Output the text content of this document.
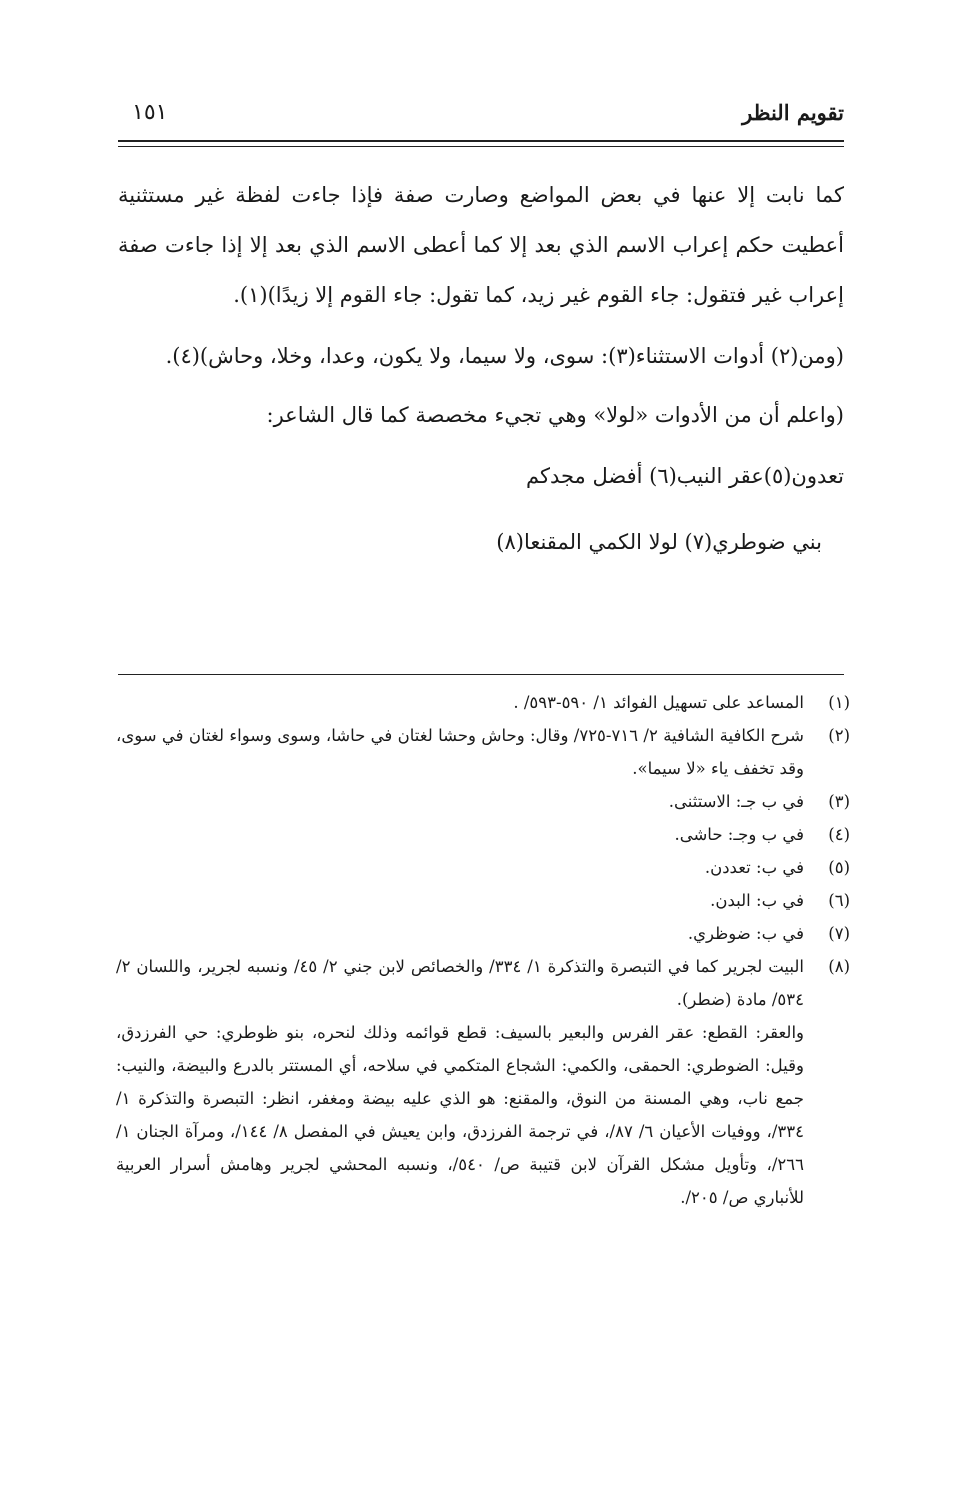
تقويم النظر
١٥١

كما نابت إلا عنها في بعض المواضع وصارت صفة فإذا جاءت لفظة غير مستثنية أعطيت حكم إعراب الاسم الذي بعد إلا كما أعطى الاسم الذي بعد إلا إذا جاءت صفة إعراب غير فتقول: جاء القوم غير زيد، كما تقول: جاء القوم إلا زيدًا)(١).

(ومن(٢) أدوات الاستثناء(٣): سوى، ولا سيما، ولا يكون، وعدا، وخلا، وحاش)(٤).

(واعلم أن من الأدوات «لولا» وهي تجيء مخصصة كما قال الشاعر:

تعدون(٥)عقر النيب(٦) أفضل مجدكم
بني ضوطري(٧) لولا الكمي المقنعا(٨)
(١)
المساعد على تسهيل الفوائد ١/ ٥٩٠-٥٩٣/ .
(٢)
شرح الكافية الشافية ٢/ ٧١٦-٧٢٥/ وقال: وحاش وحشا لغتان في حاشا، وسوى وسواء لغتان في سوى، وقد تخفف ياء «لا سيما».
(٣)
في ب جـ: الاستثنى.
(٤)
في ب وجـ: حاشى.
(٥)
في ب: تعددن.
(٦)
في ب: البدن.
(٧)
في ب: ضوظري.
(٨)
البيت لجرير كما في التبصرة والتذكرة ١/ ٣٣٤/ والخصائص لابن جني ٢/ ٤٥/ ونسبه لجرير، واللسان ٢/ ٥٣٤/ مادة (ضطر).
والعقر: القطع: عقر الفرس والبعير بالسيف: قطع قوائمه وذلك لنحره، بنو ظوطري: حي الفرزدق، وقيل: الضوطري: الحمقى، والكمي: الشجاع المتكمي في سلاحه، أي المستتر بالدرع والبيضة، والنيب: جمع ناب، وهي المسنة من النوق، والمقنع: هو الذي عليه بيضة ومغفر، انظر: التبصرة والتذكرة ١/ ٣٣٤/، ووفيات الأعيان ٦/ ٨٧/، في ترجمة الفرزدق، وابن يعيش في المفصل ٨/ ١٤٤/، ومرآة الجنان ١/ ٢٦٦/، وتأويل مشكل القرآن لابن قتيبة ص/ ٥٤٠/، ونسبه المحشي لجرير وهامش أسرار العربية للأنباري ص/ ٢٠٥/.
